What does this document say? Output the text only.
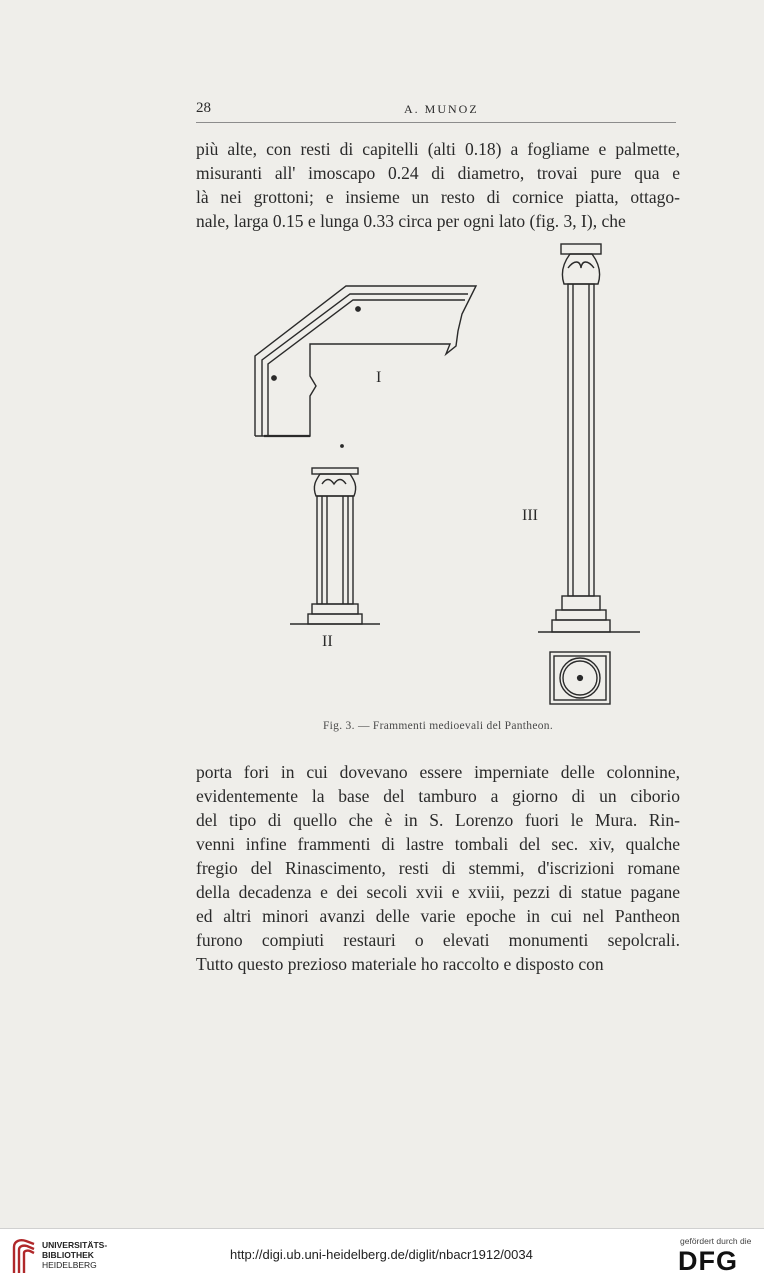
28	A. MUNOZ

più alte, con resti di capitelli (alti 0.18) a fogliame e palmette,
misuranti all' imoscapo 0.24 di diametro, trovai pure qua e
là nei grottoni; e insieme un resto di cornice piatta, ottago-
nale, larga 0.15 e lunga 0.33 circa per ogni lato (fig. 3, I), che

I
II
III
Fig. 3. — Frammenti medioevali del Pantheon.

porta fori in cui dovevano essere imperniate delle colonnine,
evidentemente la base del tamburo a giorno di un ciborio
del tipo di quello che è in S. Lorenzo fuori le Mura. Rin-
venni infine frammenti di lastre tombali del sec. xiv, qualche
fregio del Rinascimento, resti di stemmi, d'iscrizioni romane
della decadenza e dei secoli xvii e xviii, pezzi di statue pagane
ed altri minori avanzi delle varie epoche in cui nel Pantheon
furono compiuti restauri o elevati monumenti sepolcrali.
Tutto questo prezioso materiale ho raccolto e disposto con

UNIVERSITÄTS-
BIBLIOTHEK
HEIDELBERG
http://digi.ub.uni-heidelberg.de/diglit/nbacr1912/0034
gefördert durch die
DFG
